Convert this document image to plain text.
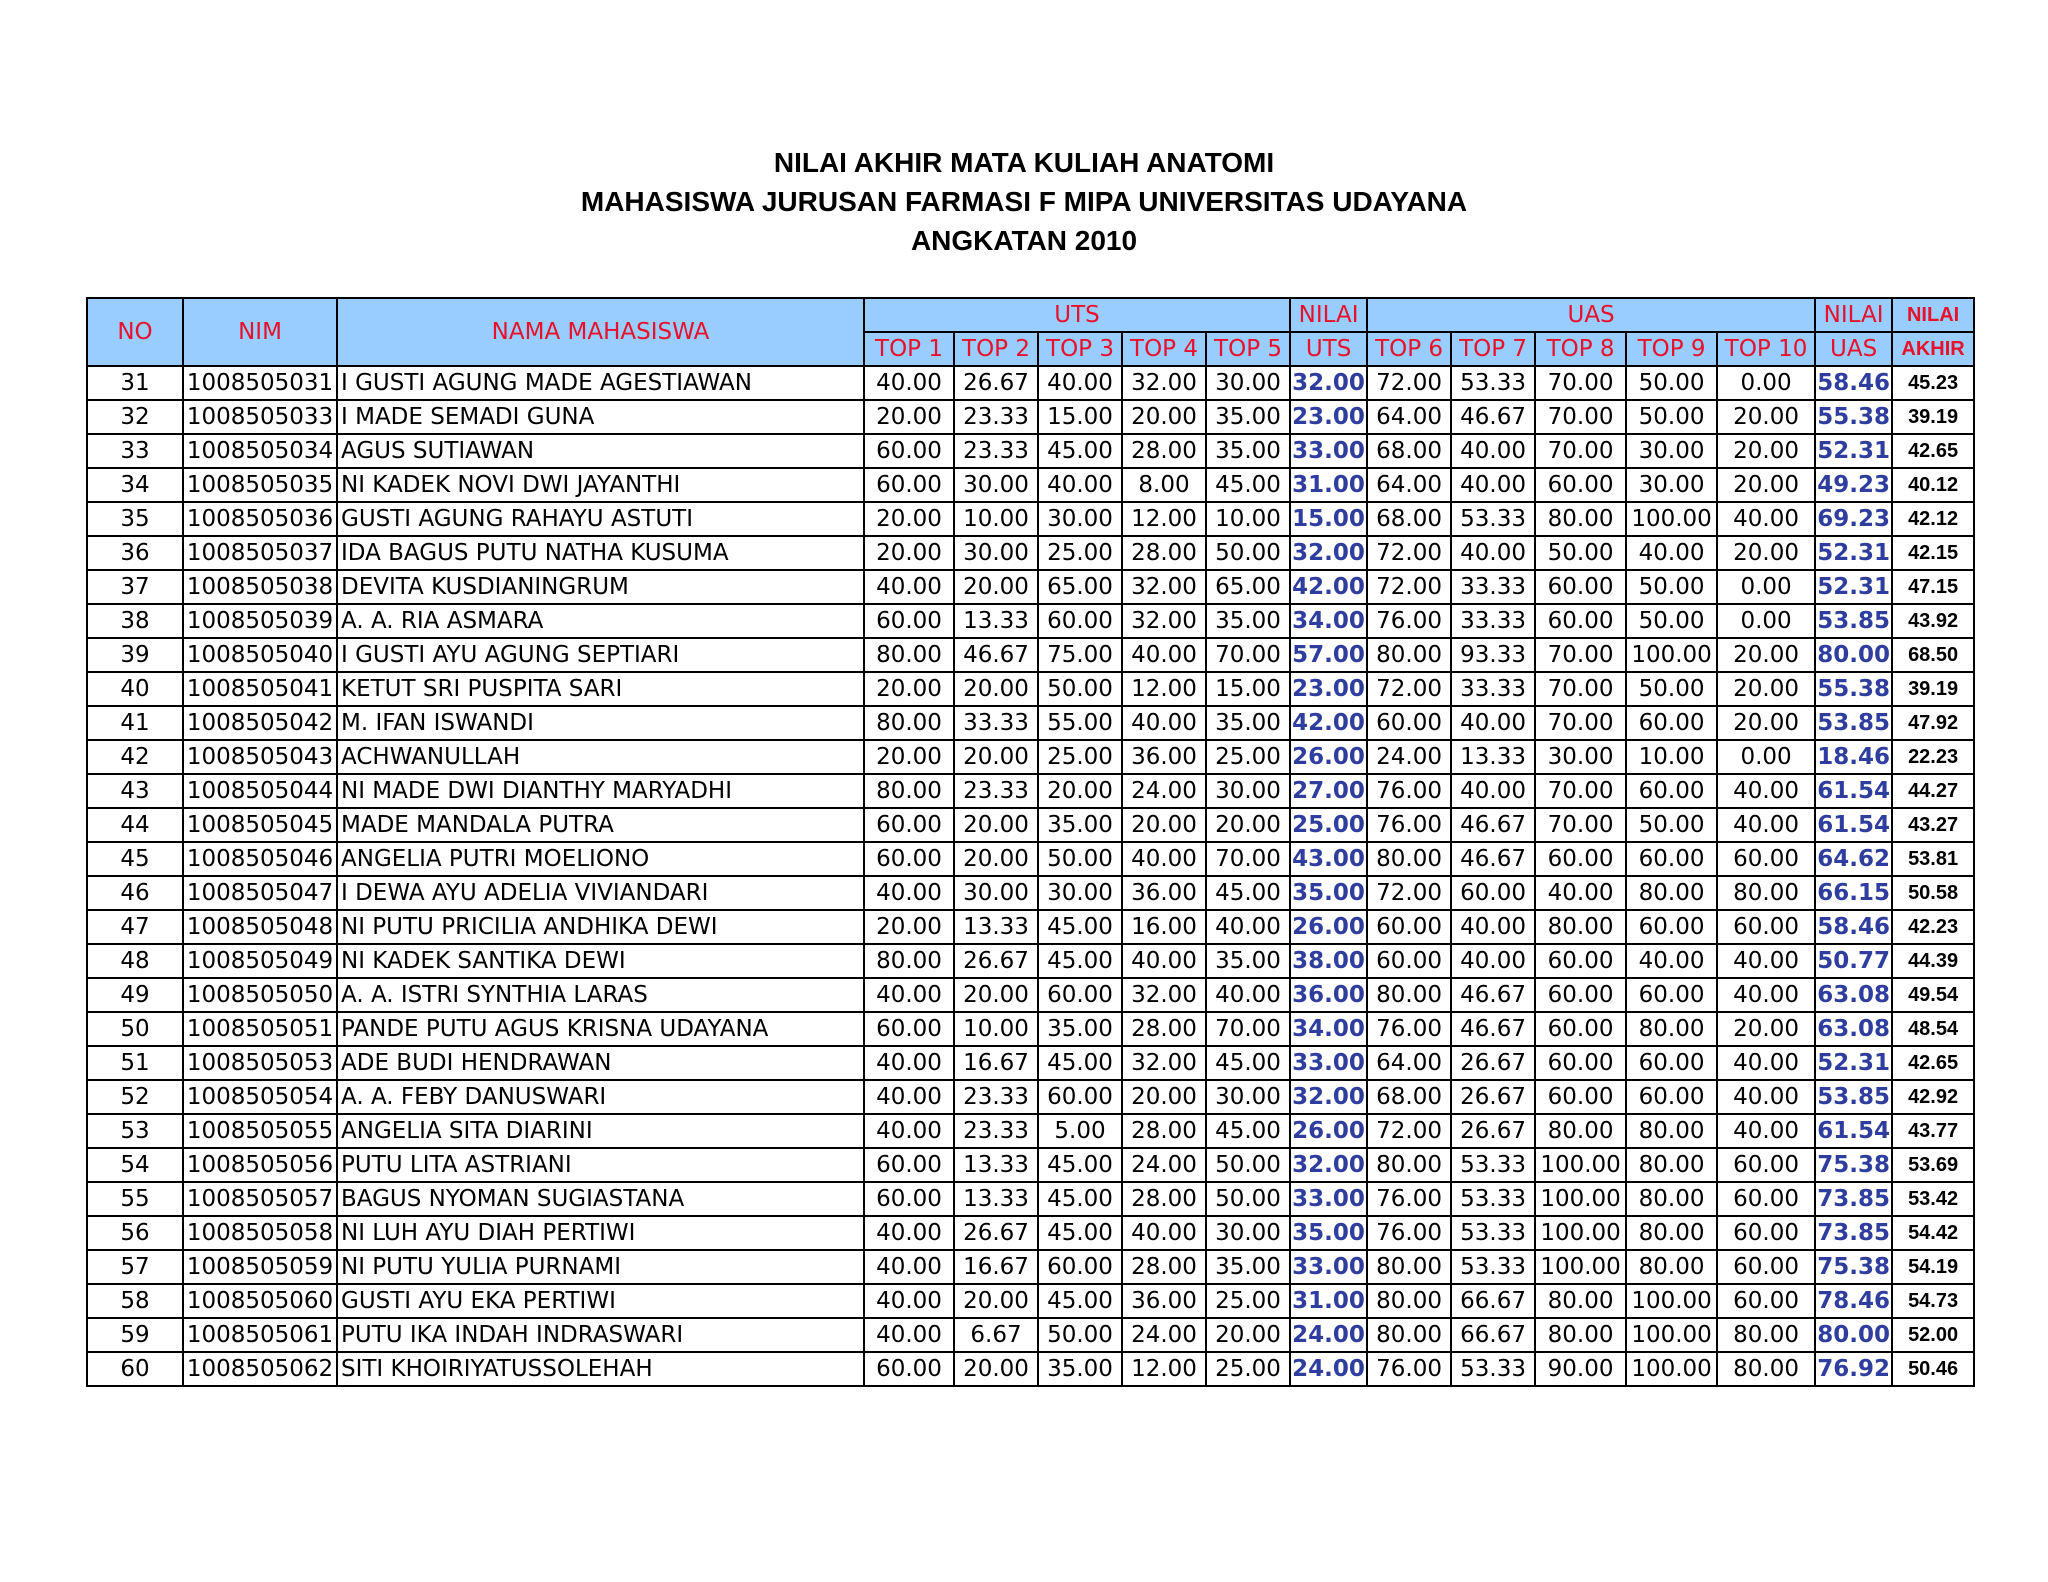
NILAI AKHIR MATA KULIAH ANATOMI
MAHASISWA JURUSAN FARMASI F MIPA UNIVERSITAS UDAYANA
ANGKATAN 2010
NO	NIM	NAMA MAHASISWA	UTS					NILAI	UAS					NILAI	NILAI
			TOP 1	TOP 2	TOP 3	TOP 4	TOP 5	UTS	TOP 6	TOP 7	TOP 8	TOP 9	TOP 10	UAS	AKHIR
31	1008505031	I GUSTI AGUNG MADE AGESTIAWAN	40.00	26.67	40.00	32.00	30.00	32.00	72.00	53.33	70.00	50.00	0.00	58.46	45.23
32	1008505033	I MADE SEMADI GUNA	20.00	23.33	15.00	20.00	35.00	23.00	64.00	46.67	70.00	50.00	20.00	55.38	39.19
33	1008505034	AGUS SUTIAWAN	60.00	23.33	45.00	28.00	35.00	33.00	68.00	40.00	70.00	30.00	20.00	52.31	42.65
34	1008505035	NI KADEK NOVI DWI JAYANTHI	60.00	30.00	40.00	8.00	45.00	31.00	64.00	40.00	60.00	30.00	20.00	49.23	40.12
35	1008505036	GUSTI AGUNG RAHAYU ASTUTI	20.00	10.00	30.00	12.00	10.00	15.00	68.00	53.33	80.00	100.00	40.00	69.23	42.12
36	1008505037	IDA BAGUS PUTU NATHA KUSUMA	20.00	30.00	25.00	28.00	50.00	32.00	72.00	40.00	50.00	40.00	20.00	52.31	42.15
37	1008505038	DEVITA KUSDIANINGRUM	40.00	20.00	65.00	32.00	65.00	42.00	72.00	33.33	60.00	50.00	0.00	52.31	47.15
38	1008505039	A. A. RIA ASMARA	60.00	13.33	60.00	32.00	35.00	34.00	76.00	33.33	60.00	50.00	0.00	53.85	43.92
39	1008505040	I GUSTI AYU AGUNG SEPTIARI	80.00	46.67	75.00	40.00	70.00	57.00	80.00	93.33	70.00	100.00	20.00	80.00	68.50
40	1008505041	KETUT SRI PUSPITA SARI	20.00	20.00	50.00	12.00	15.00	23.00	72.00	33.33	70.00	50.00	20.00	55.38	39.19
41	1008505042	M. IFAN ISWANDI	80.00	33.33	55.00	40.00	35.00	42.00	60.00	40.00	70.00	60.00	20.00	53.85	47.92
42	1008505043	ACHWANULLAH	20.00	20.00	25.00	36.00	25.00	26.00	24.00	13.33	30.00	10.00	0.00	18.46	22.23
43	1008505044	NI MADE DWI DIANTHY MARYADHI	80.00	23.33	20.00	24.00	30.00	27.00	76.00	40.00	70.00	60.00	40.00	61.54	44.27
44	1008505045	MADE MANDALA PUTRA	60.00	20.00	35.00	20.00	20.00	25.00	76.00	46.67	70.00	50.00	40.00	61.54	43.27
45	1008505046	ANGELIA PUTRI MOELIONO	60.00	20.00	50.00	40.00	70.00	43.00	80.00	46.67	60.00	60.00	60.00	64.62	53.81
46	1008505047	I DEWA AYU ADELIA VIVIANDARI	40.00	30.00	30.00	36.00	45.00	35.00	72.00	60.00	40.00	80.00	80.00	66.15	50.58
47	1008505048	NI PUTU PRICILIA ANDHIKA DEWI	20.00	13.33	45.00	16.00	40.00	26.00	60.00	40.00	80.00	60.00	60.00	58.46	42.23
48	1008505049	NI KADEK SANTIKA DEWI	80.00	26.67	45.00	40.00	35.00	38.00	60.00	40.00	60.00	40.00	40.00	50.77	44.39
49	1008505050	A. A. ISTRI SYNTHIA LARAS	40.00	20.00	60.00	32.00	40.00	36.00	80.00	46.67	60.00	60.00	40.00	63.08	49.54
50	1008505051	PANDE PUTU AGUS KRISNA UDAYANA	60.00	10.00	35.00	28.00	70.00	34.00	76.00	46.67	60.00	80.00	20.00	63.08	48.54
51	1008505053	ADE BUDI HENDRAWAN	40.00	16.67	45.00	32.00	45.00	33.00	64.00	26.67	60.00	60.00	40.00	52.31	42.65
52	1008505054	A. A. FEBY DANUSWARI	40.00	23.33	60.00	20.00	30.00	32.00	68.00	26.67	60.00	60.00	40.00	53.85	42.92
53	1008505055	ANGELIA SITA DIARINI	40.00	23.33	5.00	28.00	45.00	26.00	72.00	26.67	80.00	80.00	40.00	61.54	43.77
54	1008505056	PUTU LITA ASTRIANI	60.00	13.33	45.00	24.00	50.00	32.00	80.00	53.33	100.00	80.00	60.00	75.38	53.69
55	1008505057	BAGUS NYOMAN SUGIASTANA	60.00	13.33	45.00	28.00	50.00	33.00	76.00	53.33	100.00	80.00	60.00	73.85	53.42
56	1008505058	NI LUH AYU DIAH PERTIWI	40.00	26.67	45.00	40.00	30.00	35.00	76.00	53.33	100.00	80.00	60.00	73.85	54.42
57	1008505059	NI PUTU YULIA PURNAMI	40.00	16.67	60.00	28.00	35.00	33.00	80.00	53.33	100.00	80.00	60.00	75.38	54.19
58	1008505060	GUSTI AYU EKA PERTIWI	40.00	20.00	45.00	36.00	25.00	31.00	80.00	66.67	80.00	100.00	60.00	78.46	54.73
59	1008505061	PUTU IKA INDAH INDRASWARI	40.00	6.67	50.00	24.00	20.00	24.00	80.00	66.67	80.00	100.00	80.00	80.00	52.00
60	1008505062	SITI KHOIRIYATUSSOLEHAH	60.00	20.00	35.00	12.00	25.00	24.00	76.00	53.33	90.00	100.00	80.00	76.92	50.46
